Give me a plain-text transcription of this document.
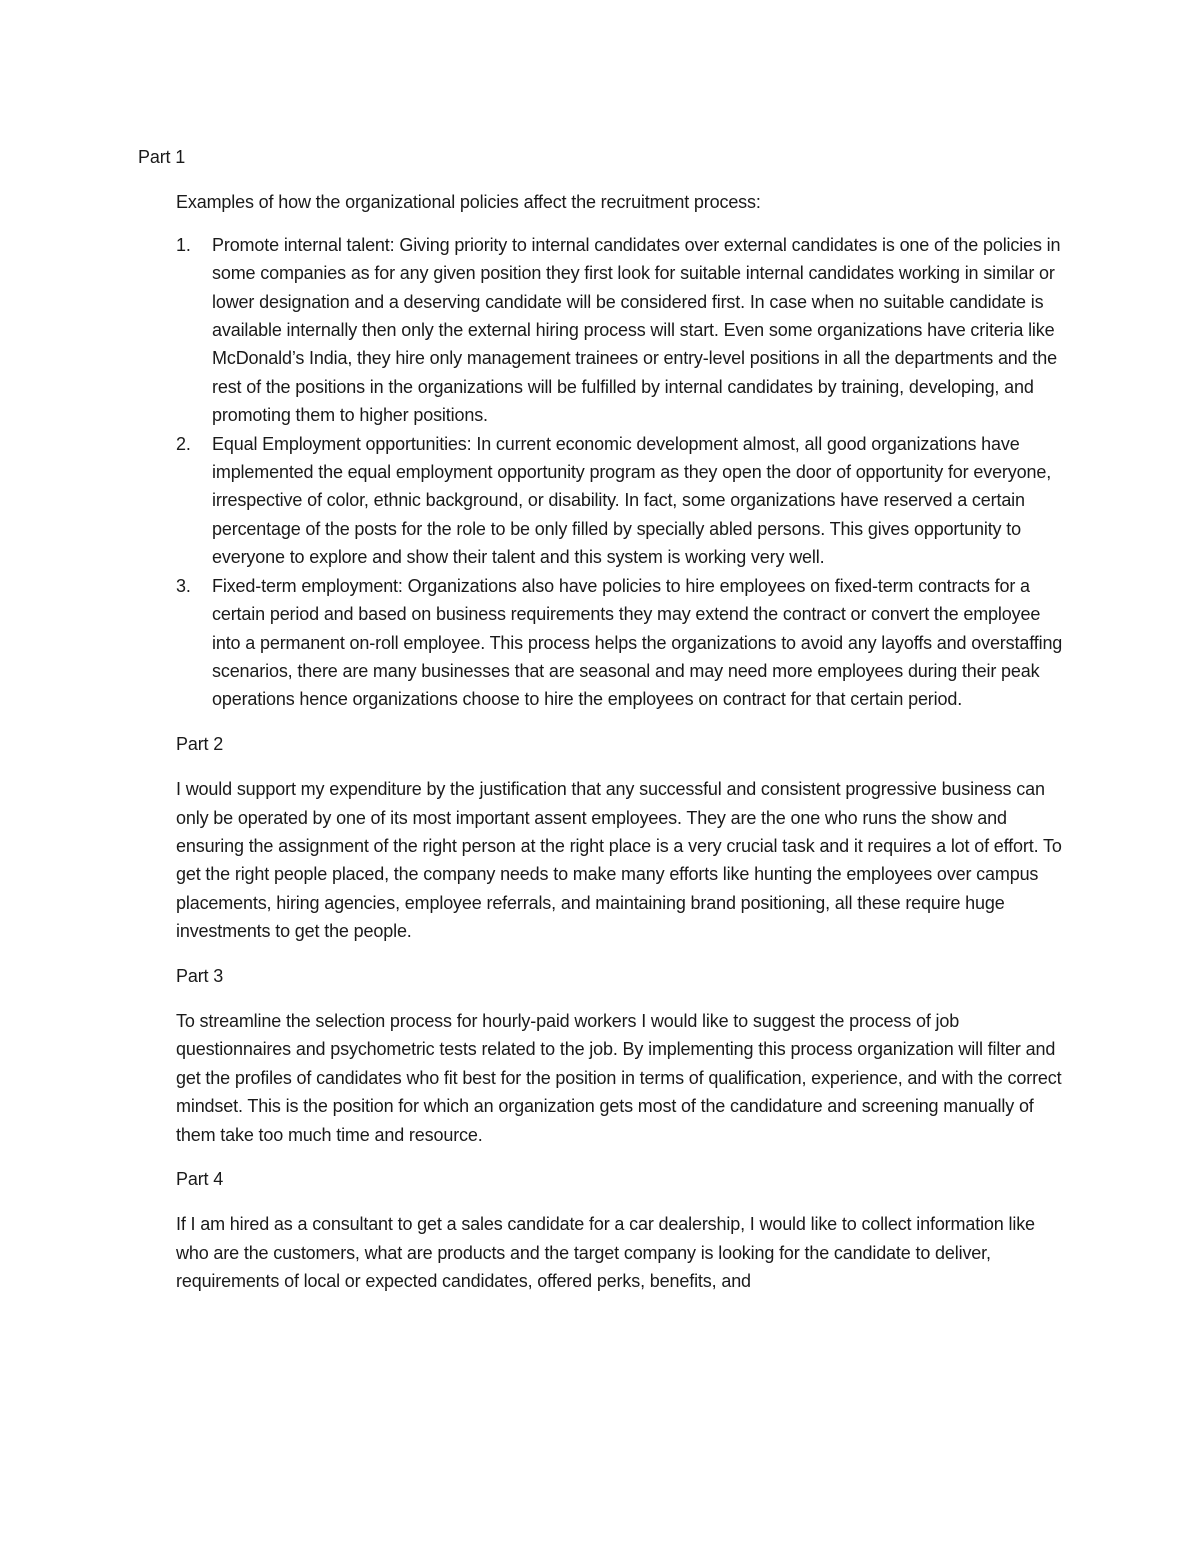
Part 1

Examples of how the organizational policies affect the recruitment process:

1. Promote internal talent: Giving priority to internal candidates over external candidates is one of the policies in some companies as for any given position they first look for suitable internal candidates working in similar or lower designation and a deserving candidate will be considered first. In case when no suitable candidate is available internally then only the external hiring process will start. Even some organizations have criteria like McDonald’s India, they hire only management trainees or entry-level positions in all the departments and the rest of the positions in the organizations will be fulfilled by internal candidates by training, developing, and promoting them to higher positions.
2. Equal Employment opportunities: In current economic development almost, all good organizations have implemented the equal employment opportunity program as they open the door of opportunity for everyone, irrespective of color, ethnic background, or disability. In fact, some organizations have reserved a certain percentage of the posts for the role to be only filled by specially abled persons. This gives opportunity to everyone to explore and show their talent and this system is working very well.
3. Fixed-term employment: Organizations also have policies to hire employees on fixed-term contracts for a certain period and based on business requirements they may extend the contract or convert the employee into a permanent on-roll employee. This process helps the organizations to avoid any layoffs and overstaffing scenarios, there are many businesses that are seasonal and may need more employees during their peak operations hence organizations choose to hire the employees on contract for that certain period.

Part 2

I would support my expenditure by the justification that any successful and consistent progressive business can only be operated by one of its most important assent employees. They are the one who runs the show and ensuring the assignment of the right person at the right place is a very crucial task and it requires a lot of effort. To get the right people placed, the company needs to make many efforts like hunting the employees over campus placements, hiring agencies, employee referrals, and maintaining brand positioning, all these require huge investments to get the people.

Part 3

To streamline the selection process for hourly-paid workers I would like to suggest the process of job questionnaires and psychometric tests related to the job. By implementing this process organization will filter and get the profiles of candidates who fit best for the position in terms of qualification, experience, and with the correct mindset. This is the position for which an organization gets most of the candidature and screening manually of them take too much time and resource.

Part 4

If I am hired as a consultant to get a sales candidate for a car dealership, I would like to collect information like who are the customers, what are products and the target company is looking for the candidate to deliver, requirements of local or expected candidates, offered perks, benefits, and
